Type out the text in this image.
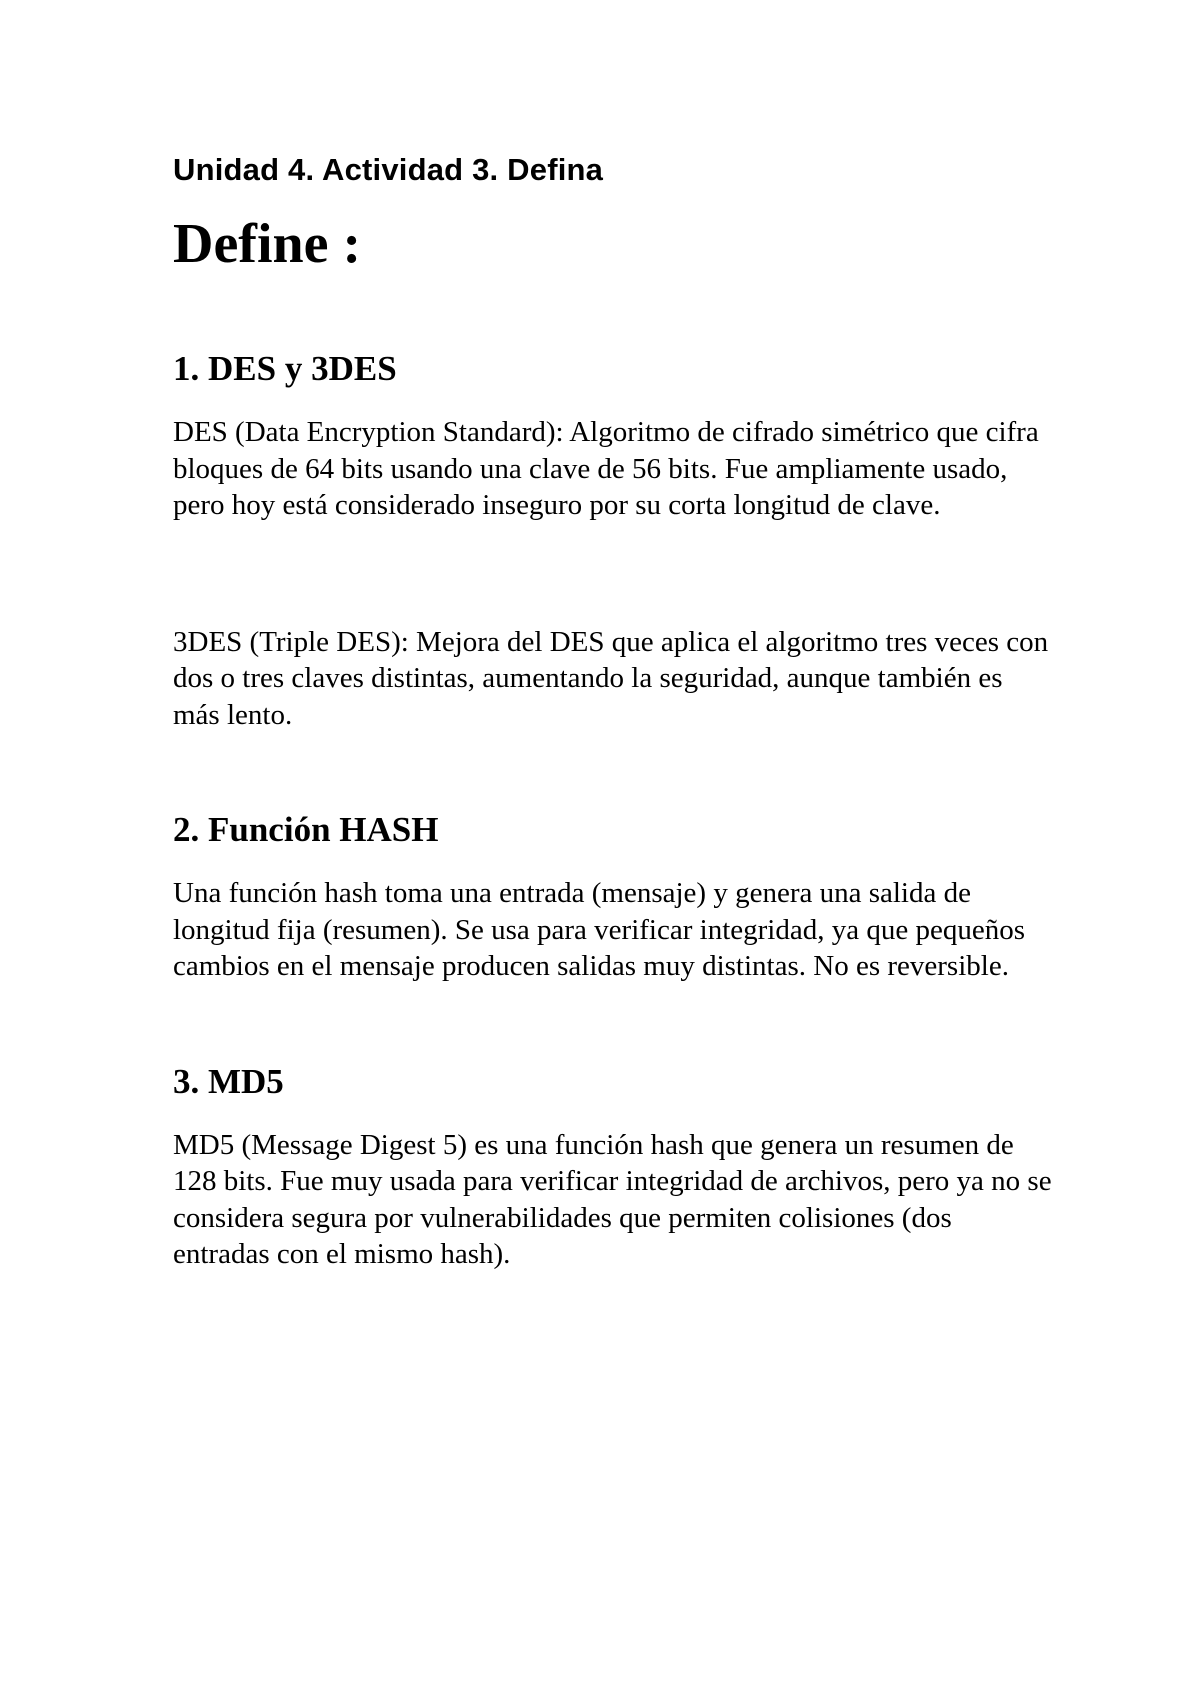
Unidad 4. Actividad 3. Defina
Define :
1. DES y 3DES

DES (Data Encryption Standard): Algoritmo de cifrado simétrico que cifra bloques de 64 bits usando una clave de 56 bits. Fue ampliamente usado, pero hoy está considerado inseguro por su corta longitud de clave.

3DES (Triple DES): Mejora del DES que aplica el algoritmo tres veces con dos o tres claves distintas, aumentando la seguridad, aunque también es más lento.

2. Función HASH

Una función hash toma una entrada (mensaje) y genera una salida de longitud fija (resumen). Se usa para verificar integridad, ya que pequeños cambios en el mensaje producen salidas muy distintas. No es reversible.

3. MD5

MD5 (Message Digest 5) es una función hash que genera un resumen de 128 bits. Fue muy usada para verificar integridad de archivos, pero ya no se considera segura por vulnerabilidades que permiten colisiones (dos entradas con el mismo hash).
